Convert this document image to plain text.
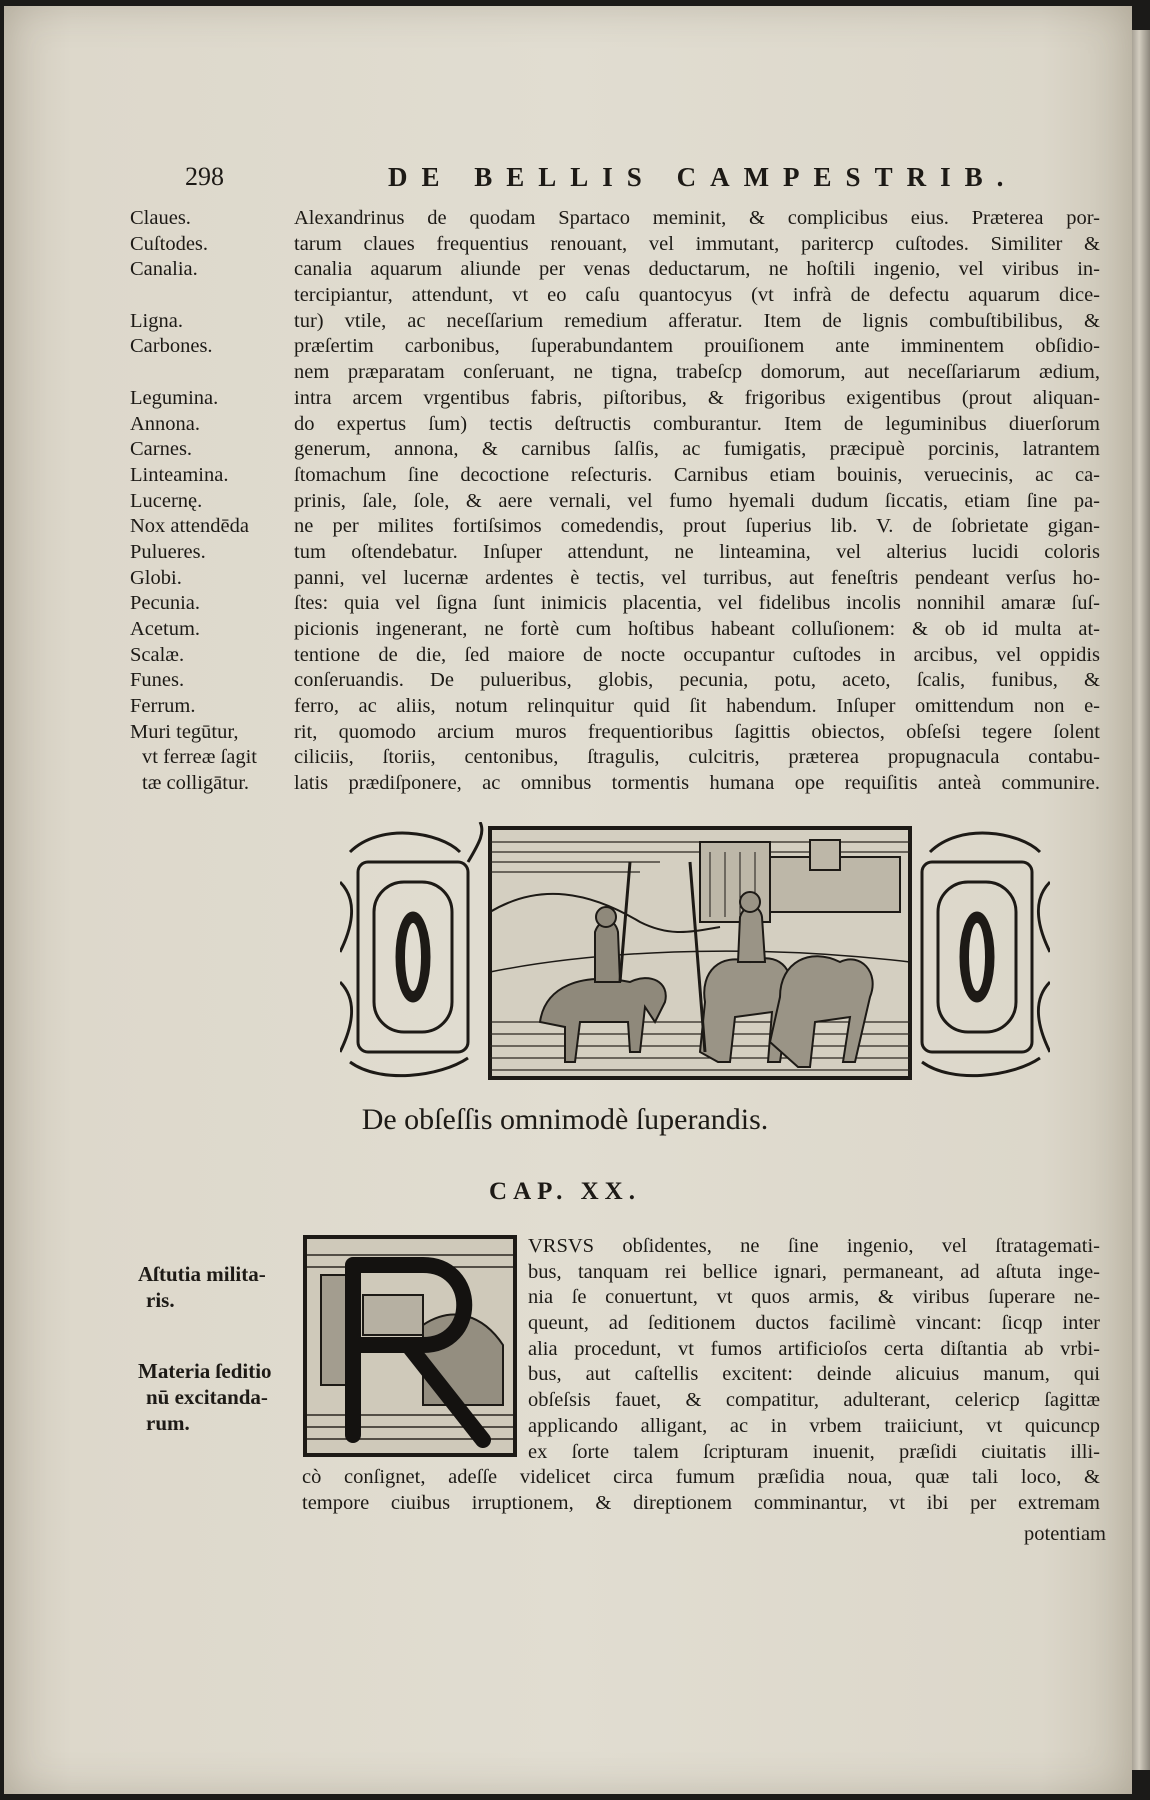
298	DE BELLIS CAMPESTRIB.
Claues.
Cuſtodes.
Canalia.
Ligna.
Carbones.
Legumina.
Annona.
Carnes.
Linteamina.
Lucernę.
Nox attendēda
Pulueres.
Globi.
Pecunia.
Acetum.
Scalæ.
Funes.
Ferrum.
Muri tegūtur,
vt ferreæ ſagit
tæ colligātur.
Alexandrinus de quodam Spartaco meminit, & complicibus eius. Præterea por-
tarum claues frequentius renouant, vel immutant, paritercp cuſtodes. Similiter &
canalia aquarum aliunde per venas deductarum, ne hoſtili ingenio, vel viribus in-
tercipiantur, attendunt, vt eo caſu quantocyus (vt infrà de defectu aquarum dice-
tur) vtile, ac neceſſarium remedium afferatur. Item de lignis combuſtibilibus, &
præſertim carbonibus, ſuperabundantem prouiſionem ante imminentem obſidio-
nem præparatam conſeruant, ne tigna, trabeſcp domorum, aut neceſſariarum ædium,
intra arcem vrgentibus fabris, piſtoribus, & frigoribus exigentibus (prout aliquan-
do expertus ſum) tectis deſtructis comburantur. Item de leguminibus diuerſorum
generum, annona, & carnibus ſalſis, ac fumigatis, præcipuè porcinis, latrantem
ſtomachum ſine decoctione reſecturis. Carnibus etiam bouinis, veruecinis, ac ca-
prinis, ſale, ſole, & aere vernali, vel fumo hyemali dudum ſiccatis, etiam ſine pa-
ne per milites fortiſsimos comedendis, prout ſuperius lib. V. de ſobrietate gigan-
tum oſtendebatur. Inſuper attendunt, ne linteamina, vel alterius lucidi coloris
panni, vel lucernæ ardentes è tectis, vel turribus, aut feneſtris pendeant verſus ho-
ſtes: quia vel ſigna ſunt inimicis placentia, vel fidelibus incolis nonnihil amaræ ſuſ-
picionis ingenerant, ne fortè cum hoſtibus habeant colluſionem: & ob id multa at-
tentione de die, ſed maiore de nocte occupantur cuſtodes in arcibus, vel oppidis
conſeruandis. De pulueribus, globis, pecunia, potu, aceto, ſcalis, funibus, &
ferro, ac aliis, notum relinquitur quid ſit habendum. Inſuper omittendum non e-
rit, quomodo arcium muros frequentioribus ſagittis obiectos, obſeſsi tegere ſolent
ciliciis, ſtoriis, centonibus, ſtragulis, culcitris, præterea propugnacula contabu-
latis prædiſponere, ac omnibus tormentis humana ope requiſitis anteà communire.
De obſeſſis omnimodè ſuperandis.
CAP. XX.
Aſtutia milita-
ris.
Materia ſeditio
nū excitanda-
rum.
VRSVS obſidentes, ne ſine ingenio, vel ſtratagemati-
bus, tanquam rei bellice ignari, permaneant, ad aſtuta inge-
nia ſe conuertunt, vt quos armis, & viribus ſuperare ne-
queunt, ad ſeditionem ductos facilimè vincant: ſicqp inter
alia procedunt, vt fumos artificioſos certa diſtantia ab vrbi-
bus, aut caſtellis excitent: deinde alicuius manum, qui
obſeſsis fauet, & compatitur, adulterant, celericp ſagittæ
applicando alligant, ac in vrbem traiiciunt, vt quicuncp
ex ſorte talem ſcripturam inuenit, præſidi ciuitatis illi-
cò conſignet, adeſſe videlicet circa fumum præſidia noua, quæ tali loco, &
tempore ciuibus irruptionem, & direptionem comminantur, vt ibi per extremam
potentiam
